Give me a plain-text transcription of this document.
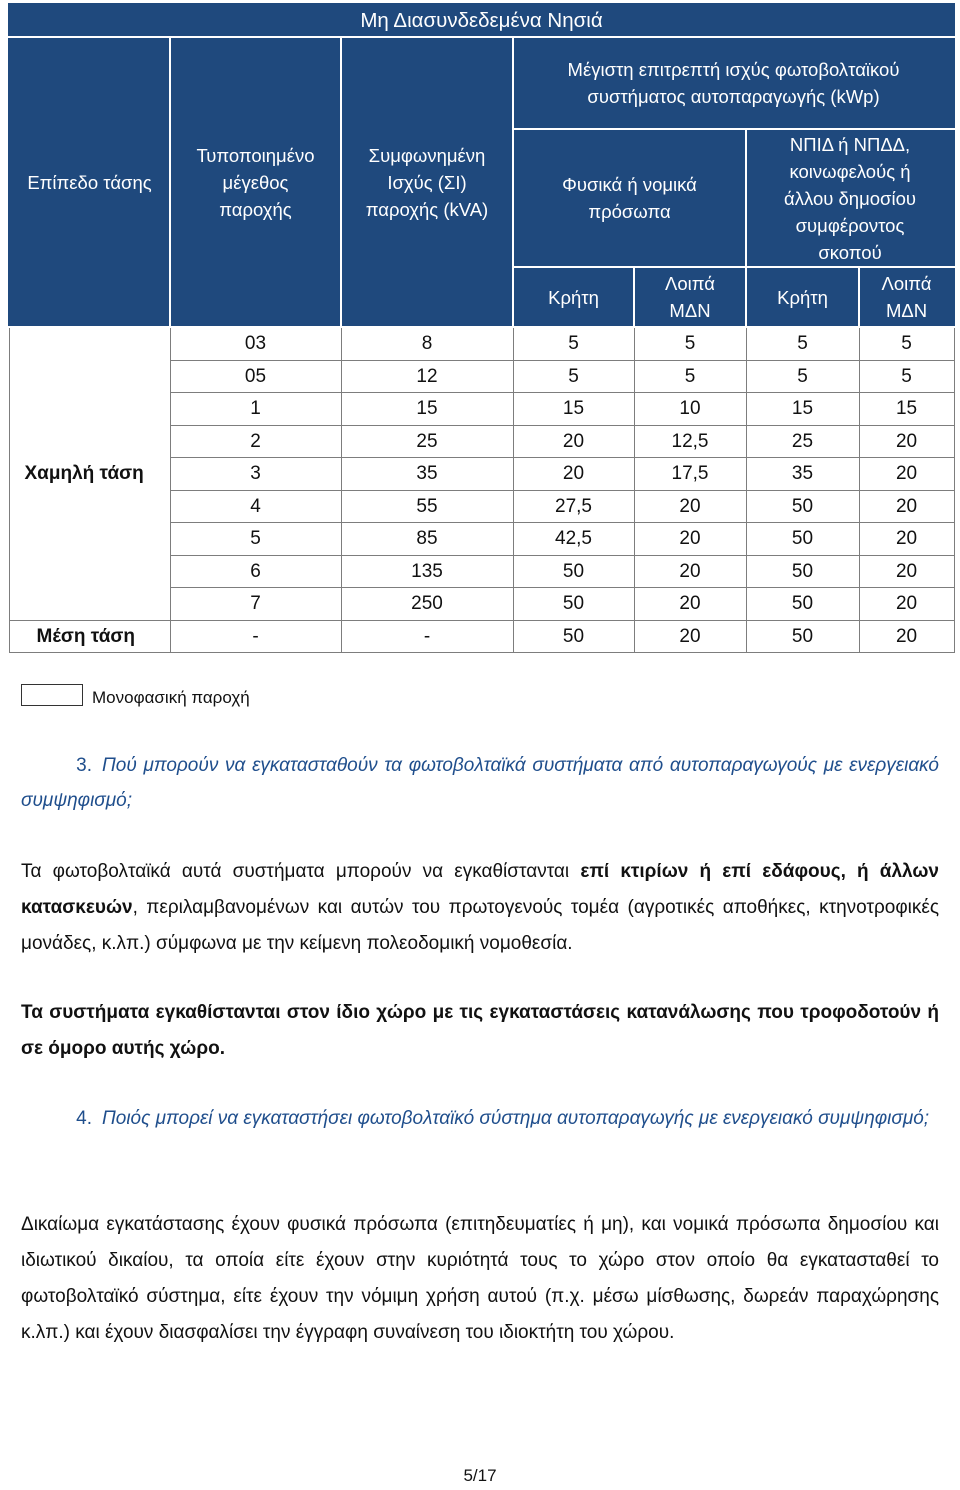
Μη Διασυνδεδεμένα Νησιά						
Επίπεδο τάσης	Τυποποιημένο μέγεθος παροχής	Συμφωνημένη Ισχύς (ΣΙ) παροχής (kVA)	Μέγιστη επιτρεπτή ισχύς φωτοβολταϊκού συστήματος αυτοπαραγωγής (kWp)			
			Φυσικά ή νομικά πρόσωπα		ΝΠΙΔ ή ΝΠΔΔ, κοινωφελούς ή άλλου δημοσίου συμφέροντος σκοπού	
			Κρήτη	Λοιπά ΜΔΝ	Κρήτη	Λοιπά ΜΔΝ
Χαμηλή τάση	03	8	5	5	5	5
	05	12	5	5	5	5
	1	15	15	10	15	15
	2	25	20	12,5	25	20
	3	35	20	17,5	35	20
	4	55	27,5	20	50	20
	5	85	42,5	20	50	20
	6	135	50	20	50	20
	7	250	50	20	50	20
Μέση τάση	-	-	50	20	50	20
Μονοφασική παροχή
3. Πού μπορούν να εγκατασταθούν τα φωτοβολταϊκά συστήματα από αυτοπαραγωγούς με ενεργειακό συμψηφισμό;
Τα φωτοβολταϊκά αυτά συστήματα μπορούν να εγκαθίστανται επί κτιρίων ή επί εδάφους, ή άλλων κατασκευών, περιλαμβανομένων και αυτών του πρωτογενούς τομέα (αγροτικές αποθήκες, κτηνοτροφικές μονάδες, κ.λπ.) σύμφωνα με την κείμενη πολεοδομική νομοθεσία.
Τα συστήματα εγκαθίστανται στον ίδιο χώρο με τις εγκαταστάσεις κατανάλωσης που τροφοδοτούν ή σε όμορο αυτής χώρο.
4. Ποιός μπορεί να εγκαταστήσει φωτοβολταϊκό σύστημα αυτοπαραγωγής με ενεργειακό συμψηφισμό;
Δικαίωμα εγκατάστασης έχουν φυσικά πρόσωπα (επιτηδευματίες ή μη), και νομικά πρόσωπα δημοσίου και ιδιωτικού δικαίου, τα οποία είτε έχουν στην κυριότητά τους το χώρο στον οποίο θα εγκατασταθεί το φωτοβολταϊκό σύστημα, είτε έχουν την νόμιμη χρήση αυτού (π.χ. μέσω μίσθωσης, δωρεάν παραχώρησης κ.λπ.) και έχουν διασφαλίσει την έγγραφη συναίνεση του ιδιοκτήτη του χώρου.
5/17
